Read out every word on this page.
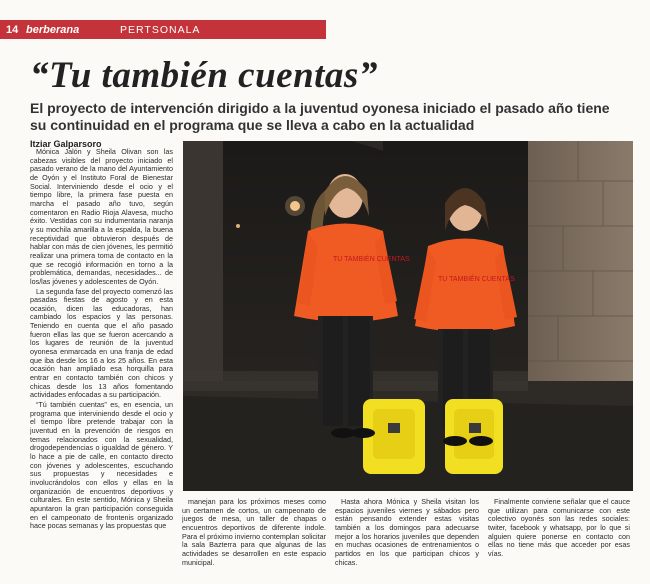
14 berberana	PERTSONALA
“Tu también cuentas”
El proyecto de intervención dirigido a la juventud oyonesa iniciado el pasado año tiene su continuidad en el programa que se lleva a cabo en la actualidad
Itziar Galparsoro

Mónica Jalón y Sheila Olivan son las cabezas visibles del proyecto iniciado el pasado verano de la mano del Ayuntamiento de Oyón y el Instituto Foral de Bienestar Social. Interviniendo desde el ocio y el tiempo libre, la primera fase puesta en marcha el pasado año tuvo, según comentaron en Radio Rioja Alavesa, mucho éxito. Vestidas con su indumentaria naranja y su mochila amarilla a la espalda, la buena receptividad que obtuvieron después de hablar con más de cien jóvenes, les permitió realizar una primera toma de contacto en la que se recogió información en torno a la problemática, demandas, necesidades... de los/las jóvenes y adolescentes de Oyón.

La segunda fase del proyecto comenzó las pasadas fiestas de agosto y en esta ocasión, dicen las educadoras, han cambiado los espacios y las personas. Teniendo en cuenta que el año pasado fueron ellas las que se fueron acercando a los lugares de reunión de la juventud oyonesa enmarcada en una franja de edad que iba desde los 16 a los 25 años. En esta ocasión han ampliado esa horquilla para entrar en contacto también con chicos y chicas desde los 13 años fomentando actividades enfocadas a su participación.

“Tú también cuentas” es, en esencia, un programa que interviniendo desde el ocio y el tiempo libre pretende trabajar con la juventud en la prevención de riesgos en temas relacionados con la sexualidad, drogodependencias o igualdad de género. Y lo hace a pie de calle, en contacto directo con jóvenes y adolescentes, escuchando sus propuestas y necesidades e involucrándolos con ellos y ellas en la organización de encuentros deportivos y culturales. En este sentido, Mónica y Sheila apuntaron la gran participación conseguida en el campeonato de frontenis organizado hace pocas semanas y las propuestas que

TU TAMBIÉN CUENTAS
TU TAMBIÉN CUENTAS

manejan para los próximos meses como un certamen de cortos, un campeonato de juegos de mesa, un taller de chapas o encuentros deportivos de diferente índole. Para el próximo invierno contemplan solicitar la sala Bazterra para que algunas de las actividades se desarrollen en este espacio municipal.

Hasta ahora Mónica y Sheila visitan los espacios juveniles viernes y sábados pero están pensando extender estas visitas también a los domingos para adecuarse mejor a los horarios juveniles que dependen en muchas ocasiones de entrenamientos o partidos en los que participan chicos y chicas.

Finalmente conviene señalar que el cauce que utilizan para comunicarse con este colectivo oyonés son las redes sociales: twiter, facebook y whatsapp, por lo que si alguien quiere ponerse en contacto con ellas no tiene más que acceder por esas vías.
